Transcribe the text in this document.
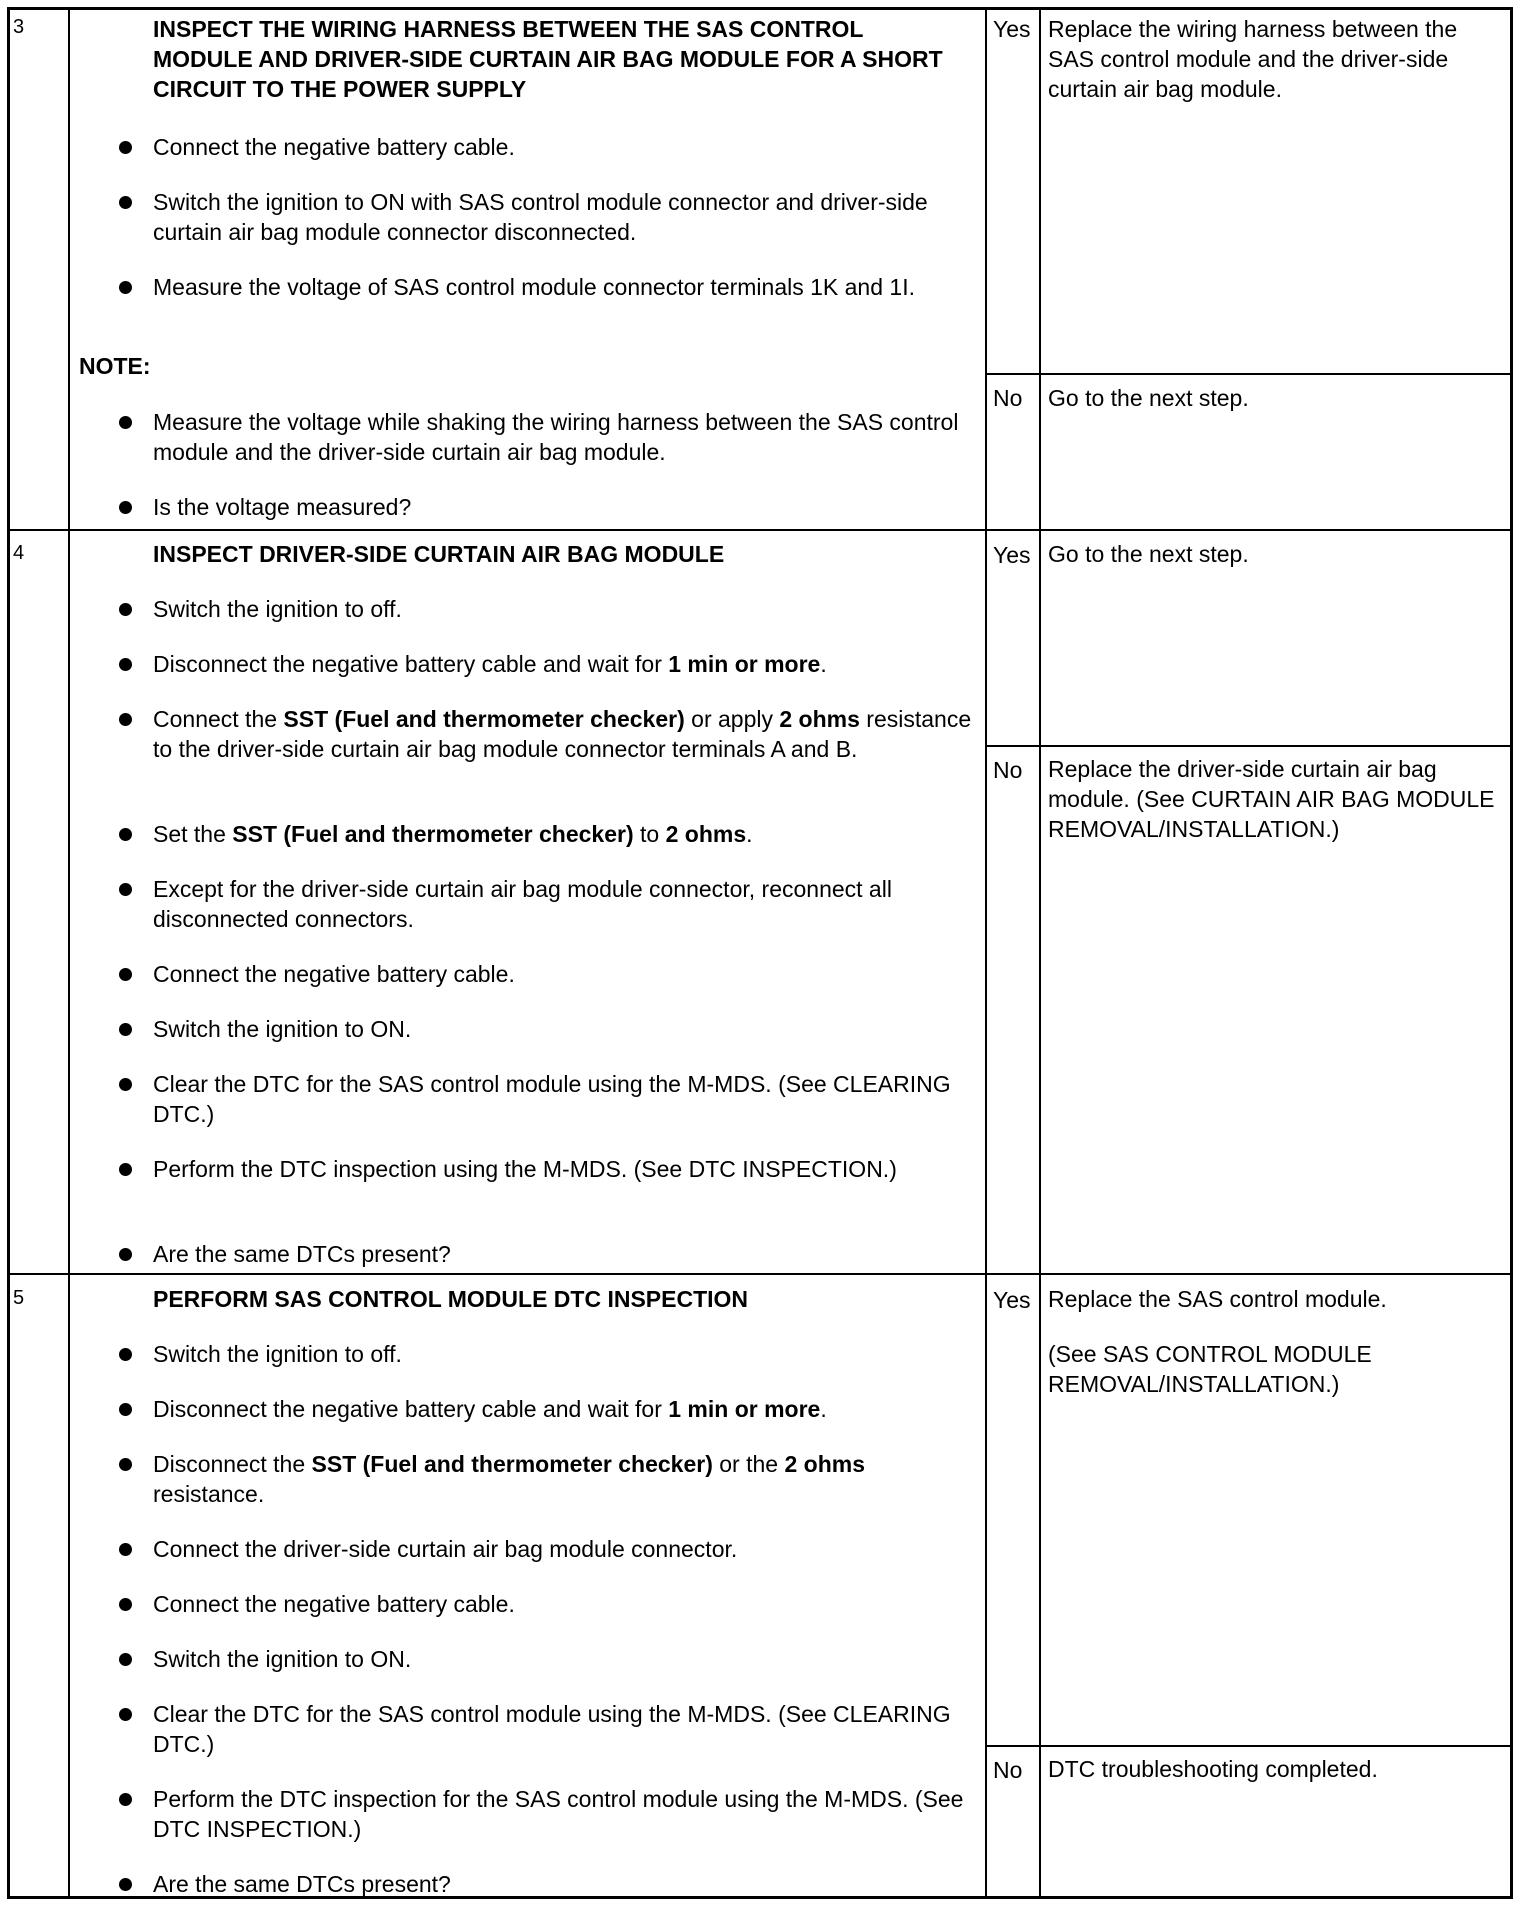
3	INSPECT THE WIRING HARNESS BETWEEN THE SAS CONTROL MODULE AND DRIVER-SIDE CURTAIN AIR BAG MODULE FOR A SHORT CIRCUIT TO THE POWER SUPPLY
Connect the negative battery cable.
Switch the ignition to ON with SAS control module connector and driver-side curtain air bag module connector disconnected.
Measure the voltage of SAS control module connector terminals 1K and 1I.
NOTE:
Measure the voltage while shaking the wiring harness between the SAS control module and the driver-side curtain air bag module.
Is the voltage measured?
Yes Replace the wiring harness between the SAS control module and the driver-side curtain air bag module.

No Go to the next step.

4	INSPECT DRIVER-SIDE CURTAIN AIR BAG MODULE
Switch the ignition to off.
Disconnect the negative battery cable and wait for 1 min or more.
Connect the SST (Fuel and thermometer checker) or apply 2 ohms resistance to the driver-side curtain air bag module connector terminals A and B.
Set the SST (Fuel and thermometer checker) to 2 ohms.
Except for the driver-side curtain air bag module connector, reconnect all disconnected connectors.
Connect the negative battery cable.
Switch the ignition to ON.
Clear the DTC for the SAS control module using the M-MDS. (See CLEARING DTC.)
Perform the DTC inspection using the M-MDS. (See DTC INSPECTION.)
Are the same DTCs present?
Yes Go to the next step.

No Replace the driver-side curtain air bag module. (See CURTAIN AIR BAG MODULE REMOVAL/INSTALLATION.)

5	PERFORM SAS CONTROL MODULE DTC INSPECTION
Switch the ignition to off.
Disconnect the negative battery cable and wait for 1 min or more.
Disconnect the SST (Fuel and thermometer checker) or the 2 ohms resistance.
Connect the driver-side curtain air bag module connector.
Connect the negative battery cable.
Switch the ignition to ON.
Clear the DTC for the SAS control module using the M-MDS. (See CLEARING DTC.)
Perform the DTC inspection for the SAS control module using the M-MDS. (See DTC INSPECTION.)
Are the same DTCs present?
Yes Replace the SAS control module.

(See SAS CONTROL MODULE REMOVAL/INSTALLATION.)

No DTC troubleshooting completed.
